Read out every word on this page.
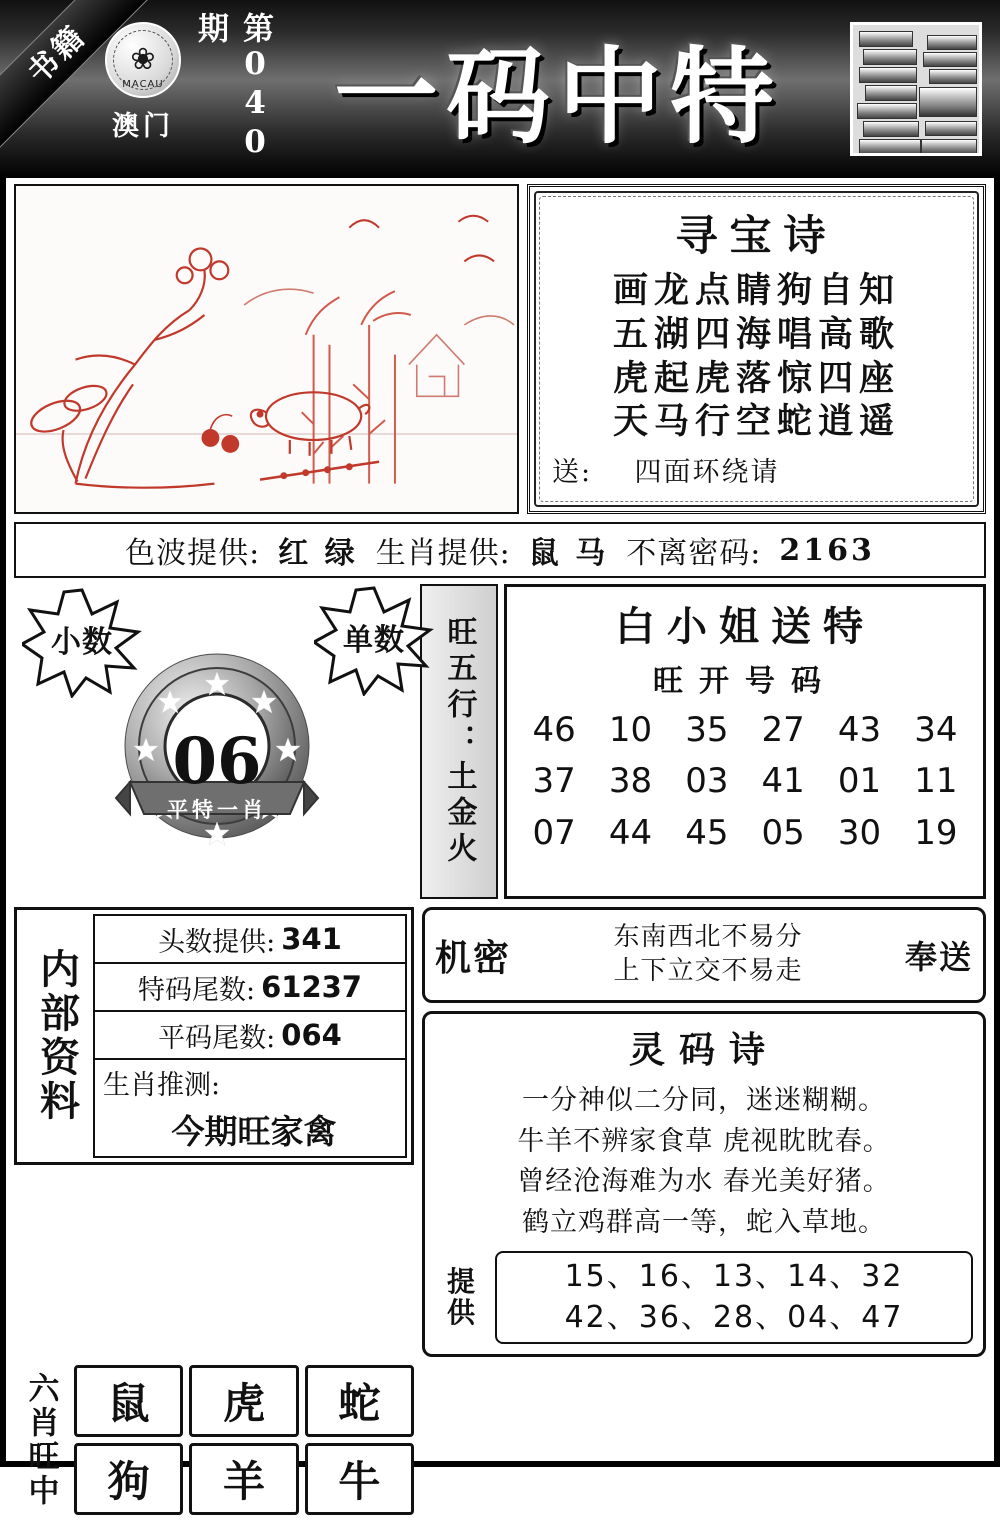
书籍	❀
MACAU
澳门	第040期
一码中特
寻宝诗
画龙点睛狗自知
五湖四海唱高歌
虎起虎落惊四座
天马行空蛇逍遥
送: 四面环绕请
色波提供: 红 绿 生肖提供: 鼠 马 不离密码: 2163
小数	单数
06
平特一肖	旺五行：土金火	白小姐送特
旺开号码
46 10 35 27 43 34
37 38 03 41 01 11
07 44 45 05 30 19
内部资料
头数提供: 341
特码尾数: 61237
平码尾数: 064
生肖推测:
今期旺家禽
机密	东南西北不易分
上下立交不易走	奉送
灵码诗
一分神似二分同，迷迷糊糊。
牛羊不辨家食草 虎视眈眈春。
曾经沧海难为水 春光美好猪。
鹤立鸡群高一等，蛇入草地。
提供
15、16、13、14、32
42、36、28、04、47
六肖旺中	鼠	虎	蛇
狗	羊	牛
